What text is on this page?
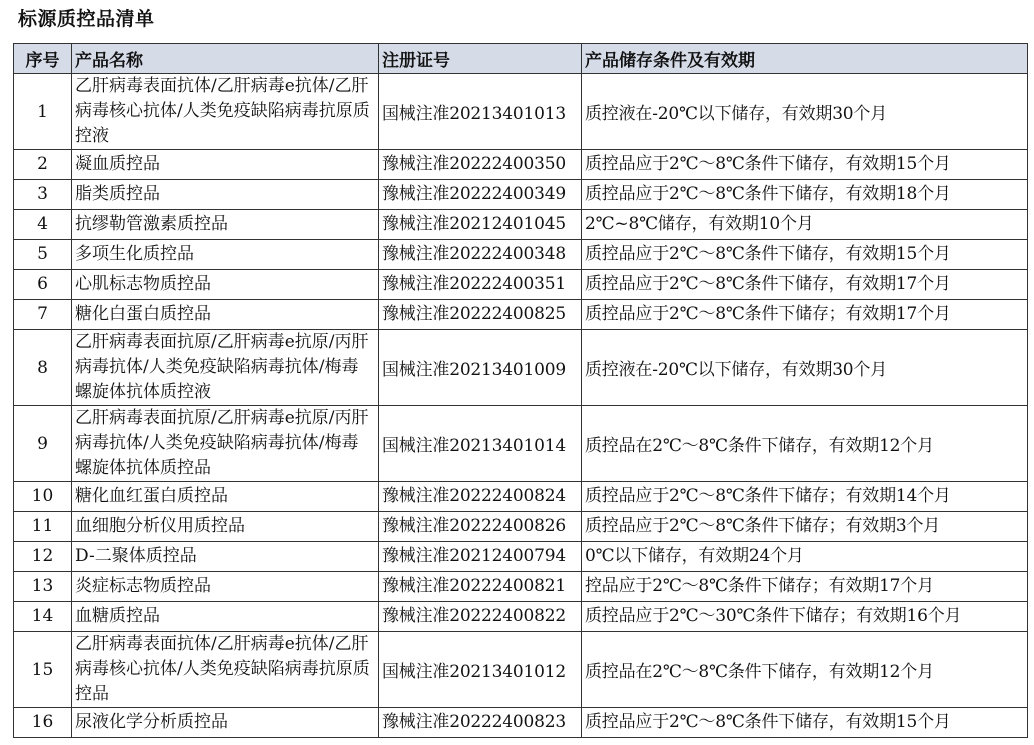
标源质控品清单
序号	产品名称	注册证号	产品储存条件及有效期
1	乙肝病毒表面抗体/乙肝病毒e抗体/乙肝病毒核心抗体/人类免疫缺陷病毒抗原质控液	国械注准20213401013	质控液在-20℃以下储存，有效期30个月
2	凝血质控品	豫械注准20222400350	质控品应于2℃～8℃条件下储存，有效期15个月
3	脂类质控品	豫械注准20222400349	质控品应于2℃～8℃条件下储存，有效期18个月
4	抗缪勒管激素质控品	豫械注准20212401045	2℃~8℃储存，有效期10个月
5	多项生化质控品	豫械注准20222400348	质控品应于2℃～8℃条件下储存，有效期15个月
6	心肌标志物质控品	豫械注准20222400351	质控品应于2℃～8℃条件下储存，有效期17个月
7	糖化白蛋白质控品	豫械注准20222400825	质控品应于2℃～8℃条件下储存；有效期17个月
8	乙肝病毒表面抗原/乙肝病毒e抗原/丙肝病毒抗体/人类免疫缺陷病毒抗体/梅毒螺旋体抗体质控液	国械注准20213401009	质控液在-20℃以下储存，有效期30个月
9	乙肝病毒表面抗原/乙肝病毒e抗原/丙肝病毒抗体/人类免疫缺陷病毒抗体/梅毒螺旋体抗体质控品	国械注准20213401014	质控品在2℃～8℃条件下储存，有效期12个月
10	糖化血红蛋白质控品	豫械注准20222400824	质控品应于2℃～8℃条件下储存；有效期14个月
11	血细胞分析仪用质控品	豫械注准20222400826	质控品应于2℃～8℃条件下储存；有效期3个月
12	D-二聚体质控品	豫械注准20212400794	0℃以下储存，有效期24个月
13	炎症标志物质控品	豫械注准20222400821	控品应于2℃～8℃条件下储存；有效期17个月
14	血糖质控品	豫械注准20222400822	质控品应于2℃～30℃条件下储存；有效期16个月
15	乙肝病毒表面抗体/乙肝病毒e抗体/乙肝病毒核心抗体/人类免疫缺陷病毒抗原质控品	国械注准20213401012	质控品在2℃～8℃条件下储存，有效期12个月
16	尿液化学分析质控品	豫械注准20222400823	质控品应于2℃～8℃条件下储存，有效期15个月
